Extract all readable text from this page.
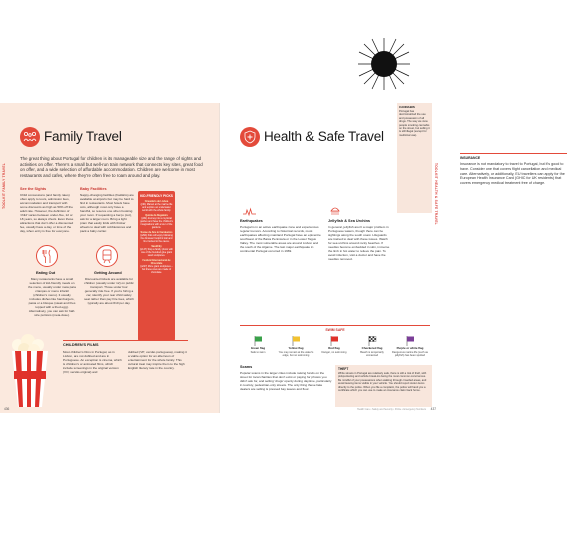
TOOLKIT FAMILY TRAVEL
Family Travel
The great thing about Portugal for children is its manageable size and the range of sights and activities on offer. There's a small but well-run train network that connects key sites, great food on offer, and a wide selection of affordable accommodation. Children are welcome in most restaurants and cafes, where they're often free to roam around and play.
See the Sights
Child concessions (and family rates) often apply to tours, admission fees, accommodation and transport with some discounts as high as 50% off the adult rate. However, the definition of 'child' varies between under-five, 12 or 18 years, so always check. Even those attractions that don't offer a discounted fee, usually have a day, or time of the day, when entry is free for everyone.
Baby Facilities
Nappy-changing facilities (fraldário) are available at airports but may be hard to find in restaurants. Most hotels have cots, although most only have a handful, so reserve one when booking your room. If requesting a berço (cot), ask for a larger room. Bring a light pram that easily folds with thicker wheels to deal with cobblestones and pack a baby carrier.
KID-FRIENDLY PICKS
Oceanário de Lisboa
(p91) Marvel at the marine life and explore an underwater world with the whole family.
Quinta da Regaleira
(p99) Journey into a mystical garden and have the children's imaginations with a tour of the gardens.
Sonae de Aire & Candeeiros
(p294) Kids will enjoy following the dinosaur footprint trail and fire trucked to the caves.
SandCity
(p147) Stop a family photo with one of the hundred glue giant sand sculptures.
Festival Internacional de Chocolate
(p227) More giant sculptures – but these ones are made of chocolate.
Eating Out
Many restaurants have a small selection of kid-friendly meals on the menu, usually under meia para crianças or menu infantil (children's menu). It usually includes dishes like hamburgers, pasta or a bitoque (steak and fries topped with a fried egg). Alternatively, you can ask for half-size portions (meia-dose).
Getting Around
Discounted tickets are available for children (usually under 12) on public transport. Those under four generally ride free. If you're hiring a car, identify your rear child safety seat rather than pay hire fees, which typically are about €10 per day.
CHILDREN'S FILMS
Most children's films in Portugal, as in Lisbon, are not dubbed and are in Portuguese. An exception is cinema, which is children's or animated films, which include screenings in the original version (VO; versão original) and
dubbed (VP; versão portuguesa), making it a viable option for an afternoon of entertainment for the whole family. This cultural treat may inspire them to the high English literary rate in the country.
436
TOOLKIT HEALTH & SAFE TRAVEL
Health & Safe Travel
INSURANCE
Insurance is not mandatory to travel to Portugal, but it's good to have. Consider one that covers flight cancellation and medical care. Alternatively, or additionally, EU travellers can apply for the European Health Insurance Card (GHIC for UK residents) that covers emergency medical treatment free of charge.
Earthquakes
Portugal is in an active earthquake zone and experiences regular tremors. According to historical records, most earthquakes affecting mainland Portugal have an epicentre southwest of the Baixa Peninsula or in the Lower Tagus Valley. The most vulnerable areas are around Lisbon and the south of the Algarve. The last major earthquake in continental Portugal occurred in 1969.
Jellyfish & Sea Urchins
In general, jellyfish aren't a major problem in Portuguese waters, though there can be sightings along the south coast. Lifeguards are trained to deal with these issues. Watch for sea urchins around rocky beaches. If needles become embedded in skin, immerse the limb in hot water to relieve the pain. To avoid infection, visit a doctor and have the needles removed.
CANNABIS
Portugal has decriminalized the use and possession of all drugs. The way we view people smoking cannabis on the street, but selling it is still illegal (except for medicinal use).
SWIM SAFE
Green flag
Safe to swim
Yellow flag
You may remain at the water's edge, but no swimming
Red flag
Danger, no swimming
Checkered flag
Beach is temporarily unmanned
Purple or white flag
Dangerous marine life (such as jellyfish) has been spotted
Scams
Popular scams in the larger cities include raising funds on the street for local charities that don't exist or paying for photos you didn't ask for, and selling 'drugs' openly during daytime, particularly in touristy, pedestrian-only streets. The only thing these fake dealers are selling is pressed bay leaves and flour.
THEFT
While streets in Portugal are relatively safe, there is still a risk of theft, with pickpocketing and vehicle break-ins being the most common occurrences. Be mindful of your possessions when walking through crowded areas, and avoid leaving items visible in your vehicle. You should report stolen items directly to the police. When you file a complaint, the police will hand you a certificate which you can use to make an insurance claim back home.
Health Care • Safety and Security • Police • Emergency Numbers 437
